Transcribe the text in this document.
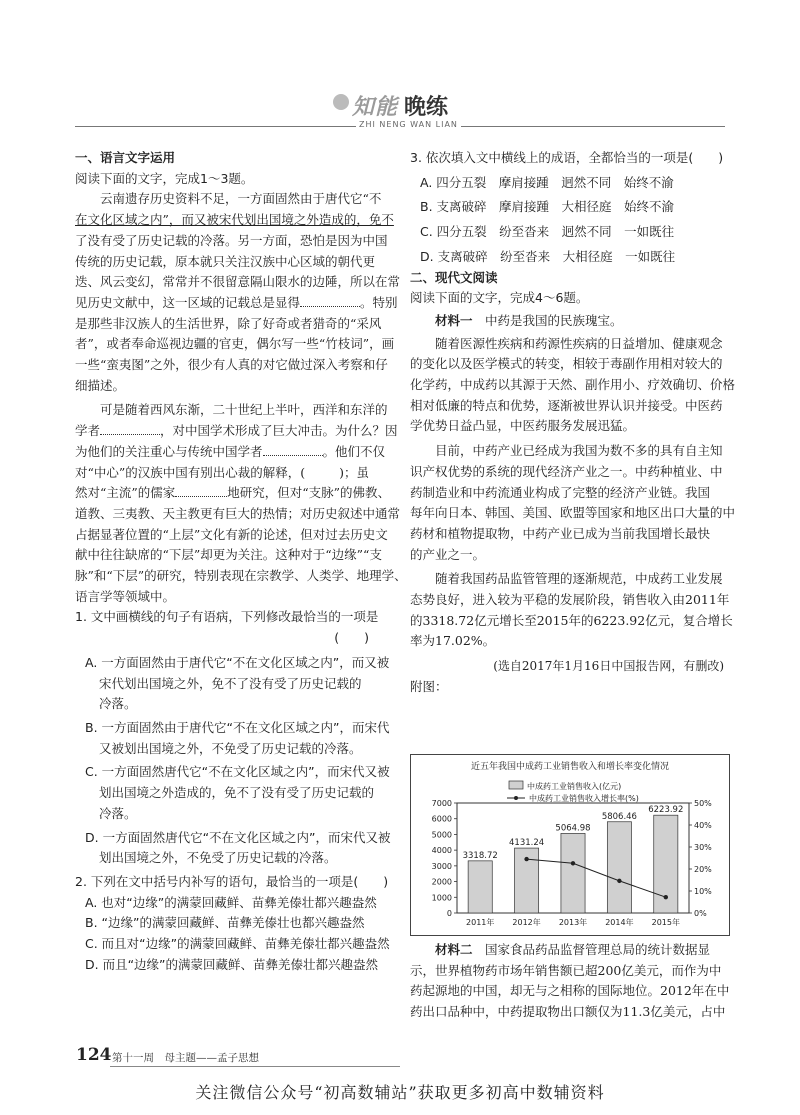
知能 晚练
ZHI NENG WAN LIAN
一、语言文字运用
阅读下面的文字，完成1～3题。
云南遗存历史资料不足，一方面固然由于唐代它“不
在文化区域之内”，而又被宋代划出国境之外造成的，免不
了没有受了历史记载的冷落。另一方面，恐怕是因为中国
传统的历史记载，原本就只关注汉族中心区域的朝代更
迭、风云变幻，常常并不很留意隔山限水的边陲，所以在常
见历史文献中，这一区域的记载总是显得	。特别
是那些非汉族人的生活世界，除了好奇或者猎奇的“采风
者”，或者奉命巡视边疆的官吏，偶尔写一些“竹枝词”，画
一些“蛮夷图”之外，很少有人真的对它做过深入考察和仔
细描述。
可是随着西风东渐，二十世纪上半叶，西洋和东洋的
学者	，对中国学术形成了巨大冲击。为什么？因
为他们的关注重心与传统中国学者	。他们不仅
对“中心”的汉族中国有别出心裁的解释，(	)；虽
然对“主流”的儒家	地研究，但对“支脉”的佛教、
道教、三夷教、天主教更有巨大的热情；对历史叙述中通常
占据显著位置的“上层”文化有新的论述，但对过去历史文
献中往往缺席的“下层”却更为关注。这种对于“边缘”“支
脉”和“下层”的研究，特别表现在宗教学、人类学、地理学、
语言学等领域中。
1. 文中画横线的句子有语病，下列修改最恰当的一项是
(　　)
A. 一方面固然由于唐代它“不在文化区域之内”，而又被
宋代划出国境之外，免不了没有受了历史记载的
冷落。
B. 一方面固然由于唐代它“不在文化区域之内”，而宋代
又被划出国境之外，不免受了历史记载的冷落。
C. 一方面固然唐代它“不在文化区域之内”，而宋代又被
划出国境之外造成的，免不了没有受了历史记载的
冷落。
D. 一方面固然唐代它“不在文化区域之内”，而宋代又被
划出国境之外，不免受了历史记载的冷落。
2. 下列在文中括号内补写的语句，最恰当的一项是(　　)
A. 也对“边缘”的满蒙回藏鲜、苗彝羌傣壮都兴趣盎然
B. “边缘”的满蒙回藏鲜、苗彝羌傣壮也都兴趣盎然
C. 而且对“边缘”的满蒙回藏鲜、苗彝羌傣壮都兴趣盎然
D. 而且“边缘”的满蒙回藏鲜、苗彝羌傣壮都兴趣盎然
3. 依次填入文中横线上的成语，全都恰当的一项是(　　)
A. 四分五裂　摩肩接踵　迥然不同　始终不渝
B. 支离破碎　摩肩接踵　大相径庭　始终不渝
C. 四分五裂　纷至沓来　迥然不同　一如既往
D. 支离破碎　纷至沓来　大相径庭　一如既往
二、现代文阅读
阅读下面的文字，完成4～6题。
材料一　 中药是我国的民族瑰宝。
随着医源性疾病和药源性疾病的日益增加、健康观念
的变化以及医学模式的转变，相较于毒副作用相对较大的
化学药，中成药以其源于天然、副作用小、疗效确切、价格
相对低廉的特点和优势，逐渐被世界认识并接受。中医药
学优势日益凸显，中医药服务发展迅猛。
目前，中药产业已经成为我国为数不多的具有自主知
识产权优势的系统的现代经济产业之一。中药种植业、中
药制造业和中药流通业构成了完整的经济产业链。我国
每年向日本、韩国、美国、欧盟等国家和地区出口大量的中
药材和植物提取物，中药产业已成为当前我国增长最快
的产业之一。
随着我国药品监管管理的逐渐规范，中成药工业发展
态势良好，进入较为平稳的发展阶段，销售收入由2011年
的3318.72亿元增长至2015年的6223.92亿元，复合增长
率为17.02%。
(选自2017年1月16日中国报告网，有删改)
附图：
近五年我国中成药工业销售收入和增长率变化情况
中成药工业销售收入(亿元)
中成药工业销售收入增长率(%)
0
1000
2000
3000
4000
5000
6000
7000
0%
10%
20%
30%
40%
50%
3318.72
2011年
4131.24
2012年
5064.98
2013年
5806.46
2014年
6223.92
2015年
材料二　 国家食品药品监督管理总局的统计数据显
示，世界植物药市场年销售额已超200亿美元，而作为中
药起源地的中国，却无与之相称的国际地位。2012年在中
药出口品种中，中药提取物出口额仅为11.3亿美元，占中
124 第十一周　母主题——孟子思想
关注微信公众号“初高数辅站”获取更多初高中数辅资料
